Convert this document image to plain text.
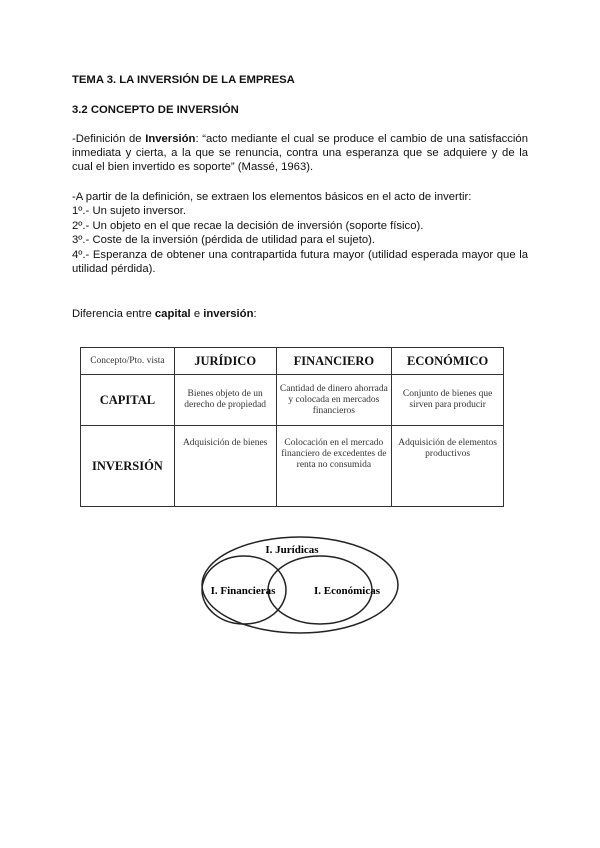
TEMA 3. LA INVERSIÓN DE LA EMPRESA
3.2 CONCEPTO DE INVERSIÓN
-Definición de Inversión: “acto mediante el cual se produce el cambio de una satisfacción inmediata y cierta, a la que se renuncia, contra una esperanza que se adquiere y de la cual el bien invertido es soporte” (Massé, 1963).
-A partir de la definición, se extraen los elementos básicos en el acto de invertir:
1º.- Un sujeto inversor.
2º.- Un objeto en el que recae la decisión de inversión (soporte físico).
3º.- Coste de la inversión (pérdida de utilidad para el sujeto).
4º.- Esperanza de obtener una contrapartida futura mayor (utilidad esperada mayor que la utilidad pérdida).
Diferencia entre capital e inversión:
Concepto/Pto. vista	JURÍDICO	FINANCIERO	ECONÓMICO
CAPITAL	Bienes objeto de un derecho de propiedad	Cantidad de dinero ahorrada y colocada en mercados financieros	Conjunto de bienes que sirven para producir
INVERSIÓN	Adquisición de bienes	Colocación en el mercado financiero de excedentes de renta no consumida	Adquisición de elementos productivos
I. Jurídicas
I. Financieras	I. Económicas
